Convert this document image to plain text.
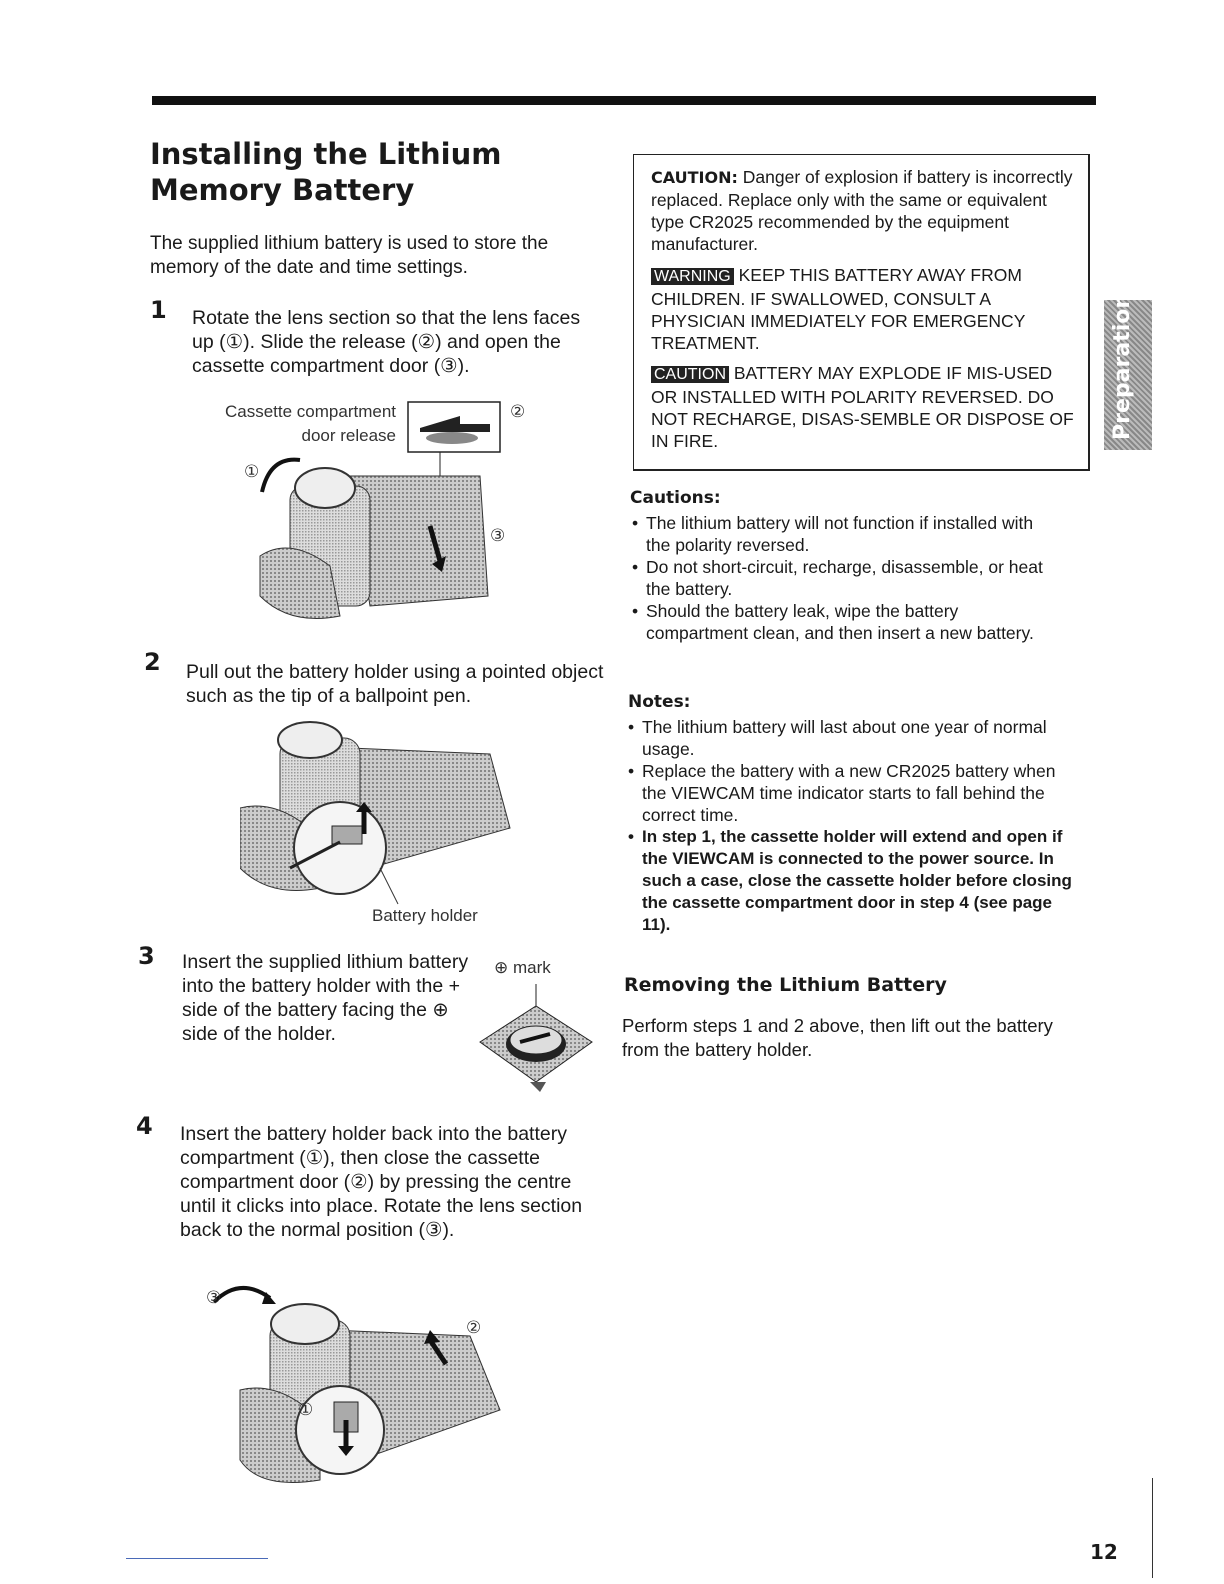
Installing the Lithium
Memory Battery
The supplied lithium battery is used to store the memory of the date and time settings.
1 Rotate the lens section so that the lens faces up (①). Slide the release (②) and open the cassette compartment door (③).
Cassette compartment
door release
①
②
③
2 Pull out the battery holder using a pointed object such as the tip of a ballpoint pen.
Battery holder
3 Insert the supplied lithium battery into the battery holder with the + side of the battery facing the ⊕ side of the holder.
⊕ mark
4 Insert the battery holder back into the battery compartment (①), then close the cassette compartment door (②) by pressing the centre until it clicks into place. Rotate the lens section back to the normal position (③).
③
②
①
CAUTION: Danger of explosion if battery is incorrectly replaced. Replace only with the same or equivalent type CR2025 recommended by the equipment manufacturer.
WARNING KEEP THIS BATTERY AWAY FROM CHILDREN. IF SWALLOWED, CONSULT A PHYSICIAN IMMEDIATELY FOR EMERGENCY TREATMENT.
CAUTION BATTERY MAY EXPLODE IF MIS-USED OR INSTALLED WITH POLARITY REVERSED. DO NOT RECHARGE, DISAS-SEMBLE OR DISPOSE OF IN FIRE.
Cautions:
• The lithium battery will not function if installed with the polarity reversed.
• Do not short-circuit, recharge, disassemble, or heat the battery.
• Should the battery leak, wipe the battery compartment clean, and then insert a new battery.
Notes:
• The lithium battery will last about one year of normal usage.
• Replace the battery with a new CR2025 battery when the VIEWCAM time indicator starts to fall behind the correct time.
• In step 1, the cassette holder will extend and open if the VIEWCAM is connected to the power source. In such a case, close the cassette holder before closing the cassette compartment door in step 4 (see page 11).
Removing the Lithium Battery
Perform steps 1 and 2 above, then lift out the battery from the battery holder.
Preparation
12
